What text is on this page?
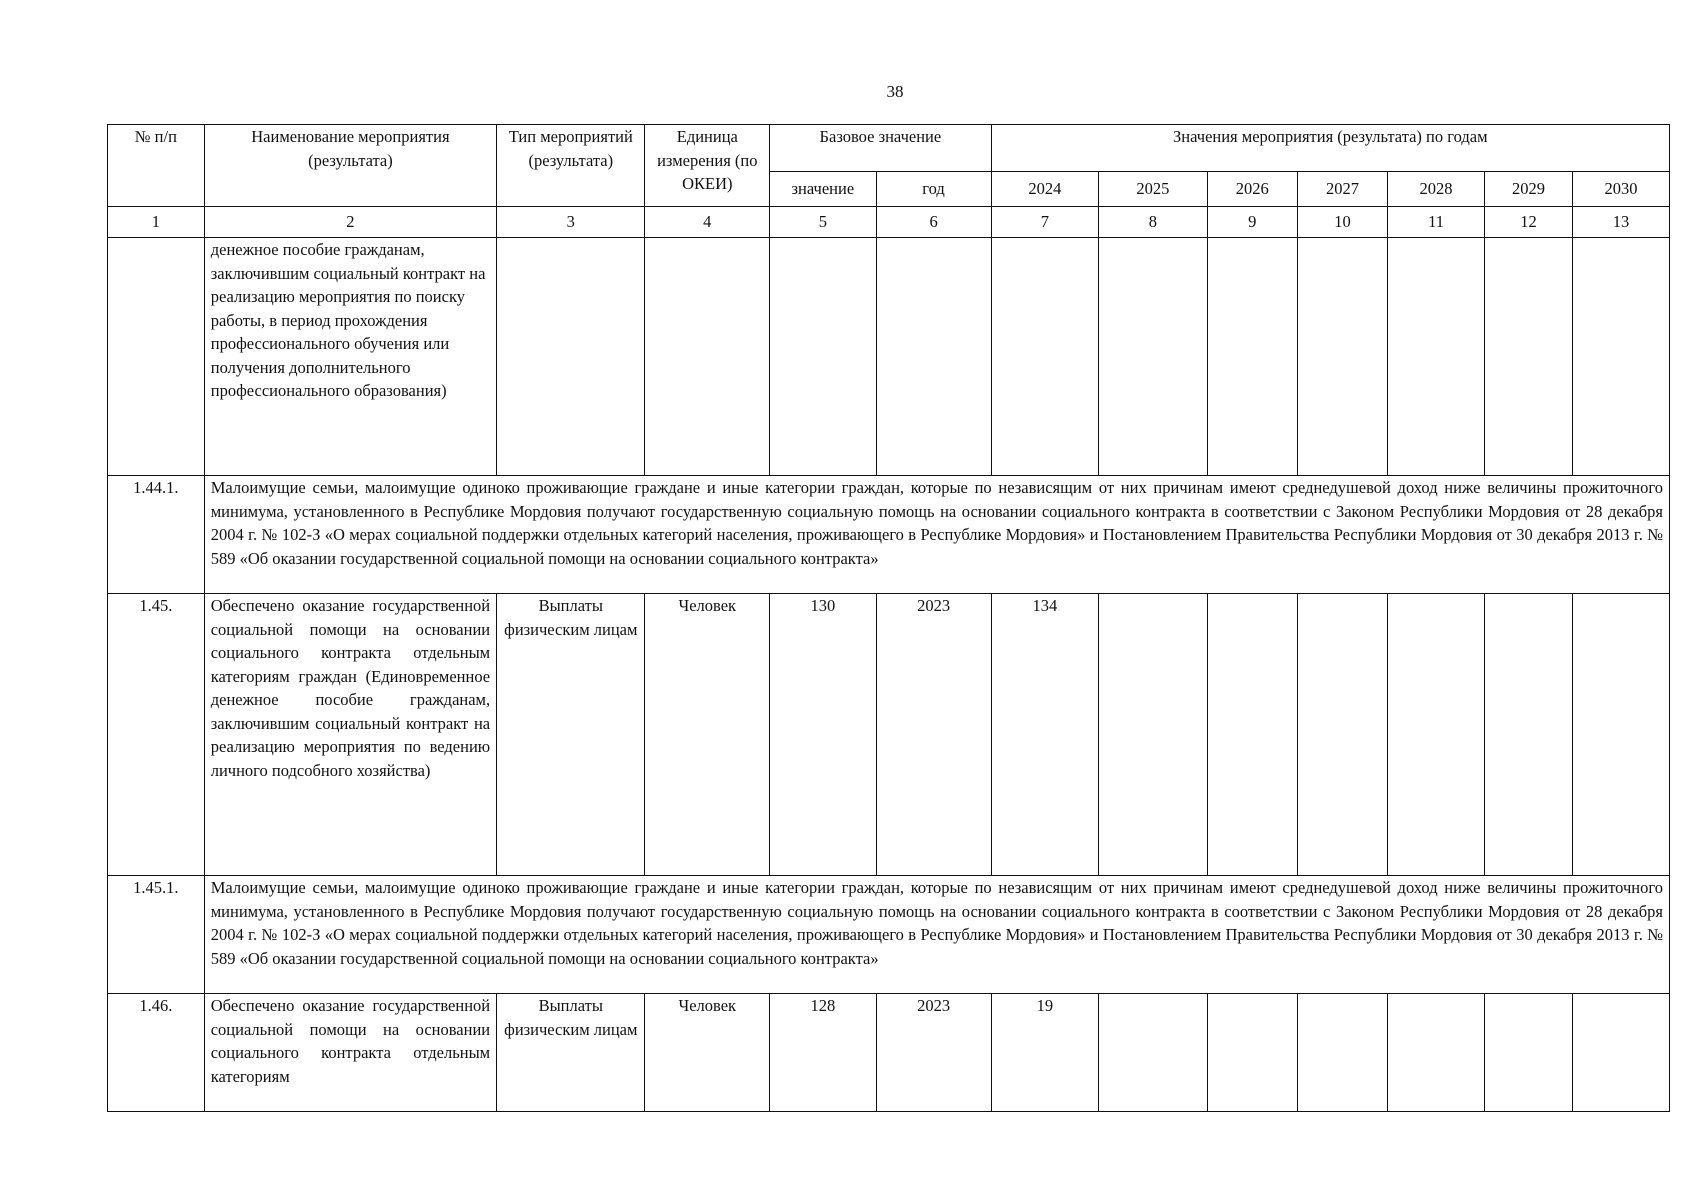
38
№ п/п	Наименование мероприятия (результата)	Тип мероприятий (результата)	Единица измерения (по ОКЕИ)	Базовое значение		Значения мероприятия (результата) по годам						
				значение	год	2024	2025	2026	2027	2028	2029	2030
1	2	3	4	5	6	7	8	9	10	11	12	13
	денежное пособие гражданам, заключившим социальный контракт на реализацию мероприятия по поиску работы, в период прохождения профессионального обучения или получения дополнительного профессионального образования)											
1.44.1.	Малоимущие семьи, малоимущие одиноко проживающие граждане и иные категории граждан, которые по независящим от них причинам имеют среднедушевой доход ниже величины прожиточного минимума, установленного в Республике Мордовия получают государственную социальную помощь на основании социального контракта в соответствии с Законом Республики Мордовия от 28 декабря 2004 г. № 102-З «О мерах социальной поддержки отдельных категорий населения, проживающего в Республике Мордовия» и Постановлением Правительства Республики Мордовия от 30 декабря 2013 г. № 589 «Об оказании государственной социальной помощи на основании социального контракта»											
1.45.	Обеспечено оказание государственной социальной помощи на основании социального контракта отдельным категориям граждан (Единовременное денежное пособие гражданам, заключившим социальный контракт на реализацию мероприятия по ведению личного подсобного хозяйства)	Выплаты физическим лицам	Человек	130	2023	134						
1.45.1.	Малоимущие семьи, малоимущие одиноко проживающие граждане и иные категории граждан, которые по независящим от них причинам имеют среднедушевой доход ниже величины прожиточного минимума, установленного в Республике Мордовия получают государственную социальную помощь на основании социального контракта в соответствии с Законом Республики Мордовия от 28 декабря 2004 г. № 102-З «О мерах социальной поддержки отдельных категорий населения, проживающего в Республике Мордовия» и Постановлением Правительства Республики Мордовия от 30 декабря 2013 г. № 589 «Об оказании государственной социальной помощи на основании социального контракта»											
1.46.	Обеспечено оказание государственной социальной помощи на основании социального контракта отдельным категориям	Выплаты физическим лицам	Человек	128	2023	19						
